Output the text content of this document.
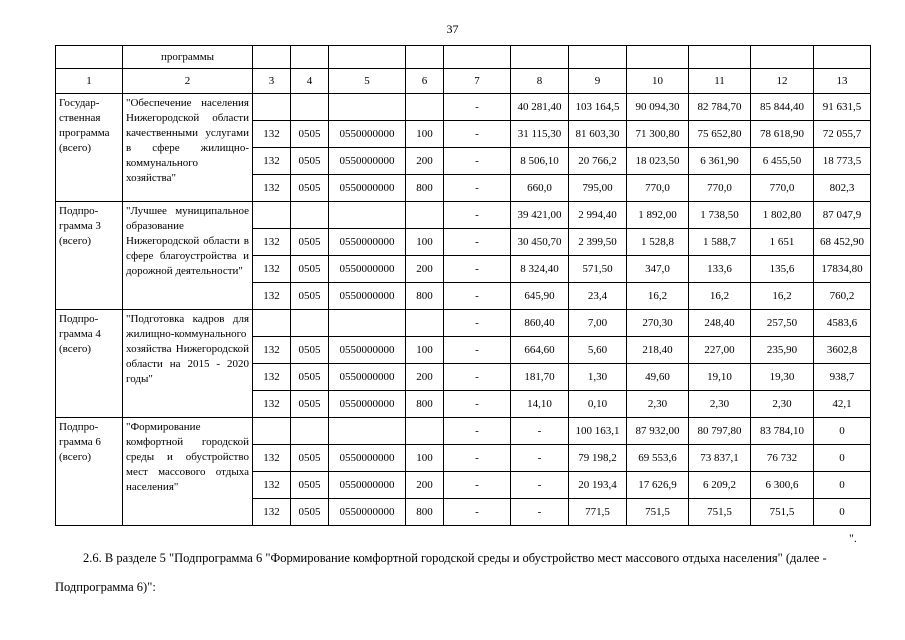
37
	программы											
1	2	3	4	5	6	7	8	9	10	11	12	13
Государ-ственная программа (всего)	"Обеспечение населения Нижегородской области качественными услугами в сфере жилищно-коммунального хозяйства"					-	40 281,40	103 164,5	90 094,30	82 784,70	85 844,40	91 631,5
		132	0505	0550000000	100	-	31 115,30	81 603,30	71 300,80	75 652,80	78 618,90	72 055,7
		132	0505	0550000000	200	-	8 506,10	20 766,2	18 023,50	6 361,90	6 455,50	18 773,5
		132	0505	0550000000	800	-	660,0	795,00	770,0	770,0	770,0	802,3
Подпро-грамма 3 (всего)	"Лучшее муниципальное образование Нижегородской области в сфере благоустройства и дорожной деятельности"					-	39 421,00	2 994,40	1 892,00	1 738,50	1 802,80	87 047,9
		132	0505	0550000000	100	-	30 450,70	2 399,50	1 528,8	1 588,7	1 651	68 452,90
		132	0505	0550000000	200	-	8 324,40	571,50	347,0	133,6	135,6	17834,80
		132	0505	0550000000	800	-	645,90	23,4	16,2	16,2	16,2	760,2
Подпро-грамма 4 (всего)	"Подготовка кадров для жилищно-коммунального хозяйства Нижегородской области на 2015 - 2020 годы"					-	860,40	7,00	270,30	248,40	257,50	4583,6
		132	0505	0550000000	100	-	664,60	5,60	218,40	227,00	235,90	3602,8
		132	0505	0550000000	200	-	181,70	1,30	49,60	19,10	19,30	938,7
		132	0505	0550000000	800	-	14,10	0,10	2,30	2,30	2,30	42,1
Подпро-грамма 6 (всего)	"Формирование комфортной городской среды и обустройство мест массового отдыха населения"					-	-	100 163,1	87 932,00	80 797,80	83 784,10	0
		132	0505	0550000000	100	-	-	79 198,2	69 553,6	73 837,1	76 732	0
		132	0505	0550000000	200	-	-	20 193,4	17 626,9	6 209,2	6 300,6	0
		132	0505	0550000000	800	-	-	771,5	751,5	751,5	751,5	0
".

2.6. В разделе 5 "Подпрограмма 6 "Формирование комфортной городской среды и обустройство мест массового отдыха населения" (далее - Подпрограмма 6)":
